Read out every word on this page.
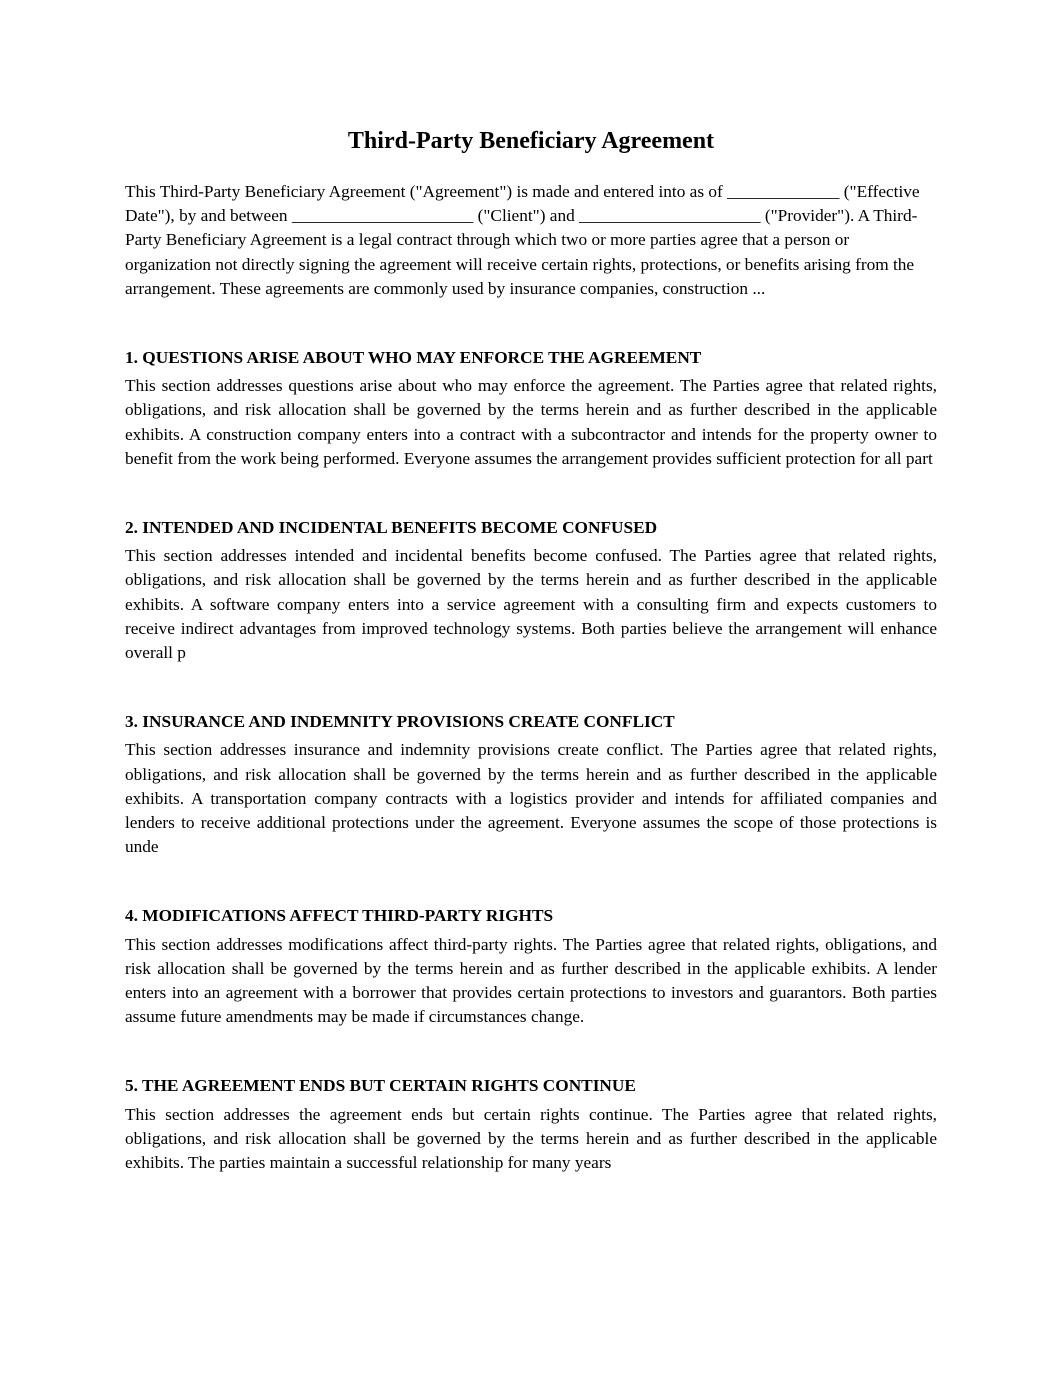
Third-Party Beneficiary Agreement

This Third-Party Beneficiary Agreement ("Agreement") is made and entered into as of _____________ ("Effective Date"), by and between _____________________ ("Client") and _____________________ ("Provider"). A Third-Party Beneficiary Agreement is a legal contract through which two or more parties agree that a person or organization not directly signing the agreement will receive certain rights, protections, or benefits arising from the arrangement. These agreements are commonly used by insurance companies, construction ...

1. QUESTIONS ARISE ABOUT WHO MAY ENFORCE THE AGREEMENT

This section addresses questions arise about who may enforce the agreement. The Parties agree that related rights, obligations, and risk allocation shall be governed by the terms herein and as further described in the applicable exhibits. A construction company enters into a contract with a subcontractor and intends for the property owner to benefit from the work being performed. Everyone assumes the arrangement provides sufficient protection for all part

2. INTENDED AND INCIDENTAL BENEFITS BECOME CONFUSED

This section addresses intended and incidental benefits become confused. The Parties agree that related rights, obligations, and risk allocation shall be governed by the terms herein and as further described in the applicable exhibits. A software company enters into a service agreement with a consulting firm and expects customers to receive indirect advantages from improved technology systems. Both parties believe the arrangement will enhance overall p

3. INSURANCE AND INDEMNITY PROVISIONS CREATE CONFLICT

This section addresses insurance and indemnity provisions create conflict. The Parties agree that related rights, obligations, and risk allocation shall be governed by the terms herein and as further described in the applicable exhibits. A transportation company contracts with a logistics provider and intends for affiliated companies and lenders to receive additional protections under the agreement. Everyone assumes the scope of those protections is unde

4. MODIFICATIONS AFFECT THIRD-PARTY RIGHTS

This section addresses modifications affect third-party rights. The Parties agree that related rights, obligations, and risk allocation shall be governed by the terms herein and as further described in the applicable exhibits. A lender enters into an agreement with a borrower that provides certain protections to investors and guarantors. Both parties assume future amendments may be made if circumstances change.

5. THE AGREEMENT ENDS BUT CERTAIN RIGHTS CONTINUE

This section addresses the agreement ends but certain rights continue. The Parties agree that related rights, obligations, and risk allocation shall be governed by the terms herein and as further described in the applicable exhibits. The parties maintain a successful relationship for many years
